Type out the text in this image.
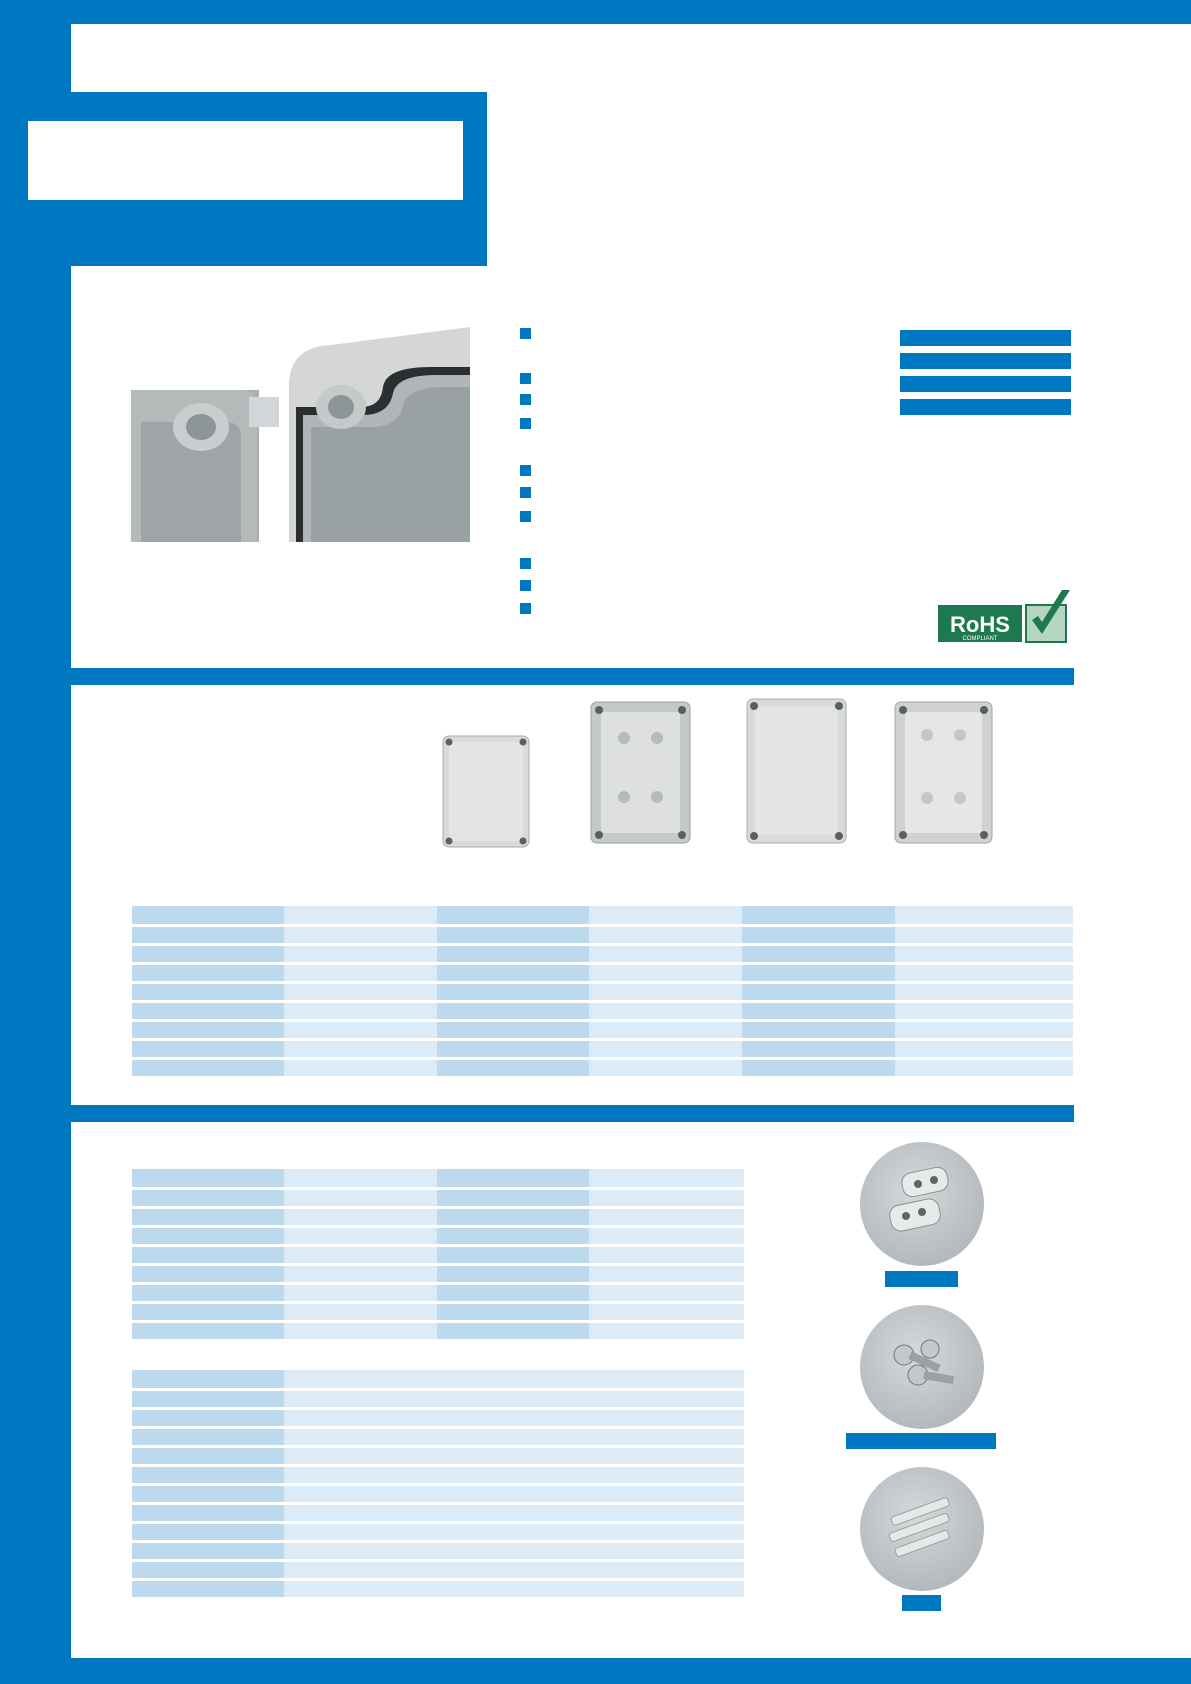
RoHS
COMPLIANT
